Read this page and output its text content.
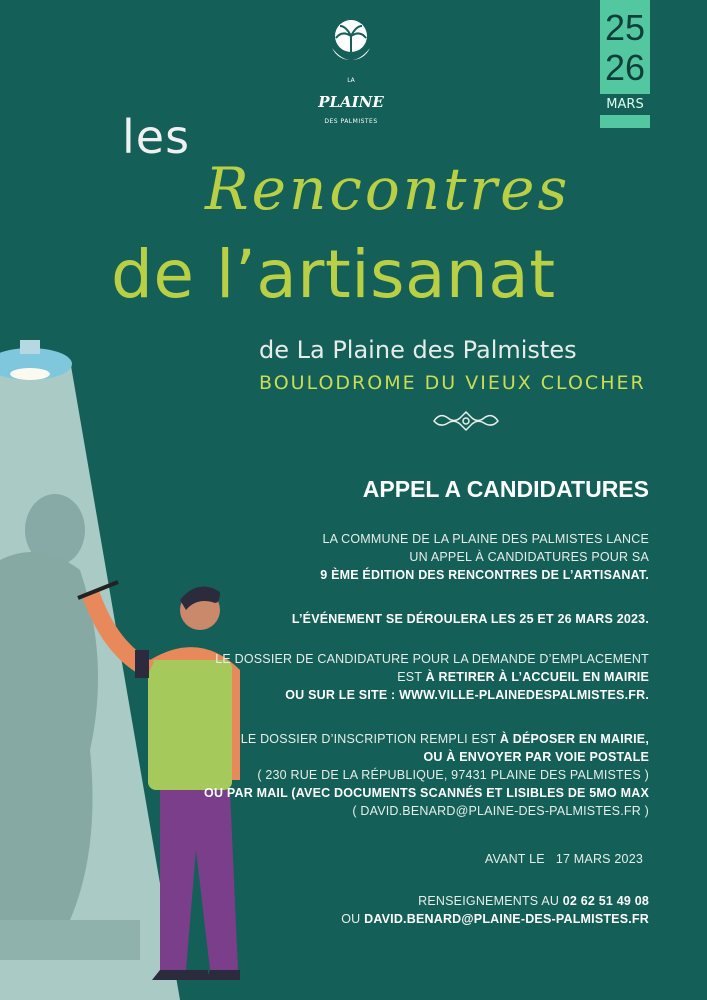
$^{LA}$ PLAINE
DES PALMISTES
25
26
MARS
les
Rencontres
de l’artisanat
de La Plaine des Palmistes
BOULODROME DU VIEUX CLOCHER
APPEL A CANDIDATURES
LA COMMUNE DE LA PLAINE DES PALMISTES LANCE
UN APPEL À CANDIDATURES POUR SA
9 ÈME ÉDITION DES RENCONTRES DE L’ARTISANAT.
L’ÉVÉNEMENT SE DÉROULERA LES 25 ET 26 MARS 2023.
LE DOSSIER DE CANDIDATURE POUR LA DEMANDE D’EMPLACEMENT
EST À RETIRER À L’ACCUEIL EN MAIRIE
OU SUR LE SITE : WWW.VILLE-PLAINEDESPALMISTES.FR.
LE DOSSIER D’INSCRIPTION REMPLI EST À DÉPOSER EN MAIRIE,
OU À ENVOYER PAR VOIE POSTALE
( 230 RUE DE LA RÉPUBLIQUE, 97431 PLAINE DES PALMISTES )
OU PAR MAIL (AVEC DOCUMENTS SCANNÉS ET LISIBLES DE 5MO MAX
( DAVID.BENARD@PLAINE-DES-PALMISTES.FR )
AVANT LE 17 MARS 2023
RENSEIGNEMENTS AU 02 62 51 49 08
OU DAVID.BENARD@PLAINE-DES-PALMISTES.FR
